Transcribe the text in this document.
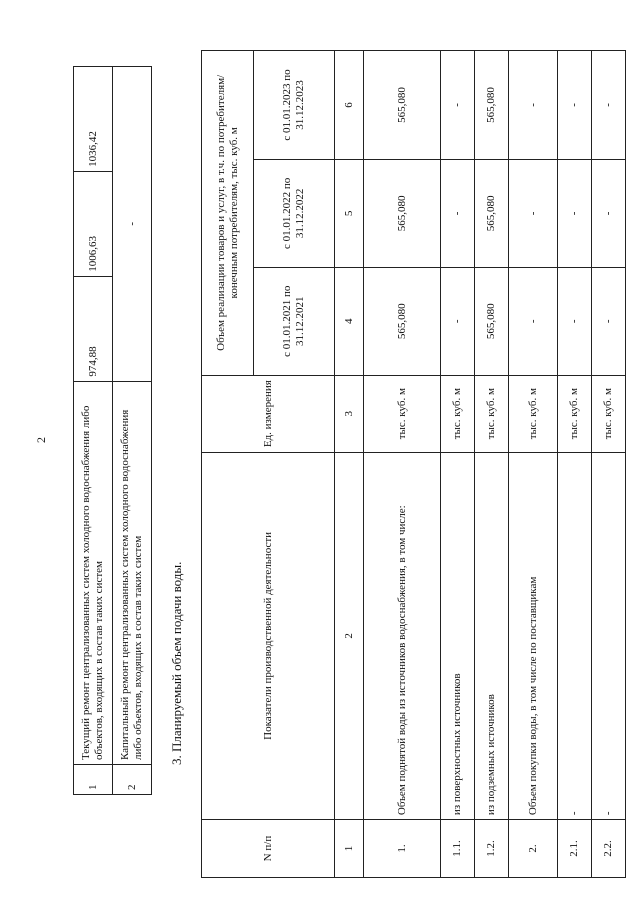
2
1	Текущий ремонт централизованных систем холодного водоснабжения либо объектов, входящих в состав таких систем	974,88	1006,63	1036,42
2	Капитальный ремонт централизованных систем холодного водоснабжения либо объектов, входящих в состав таких систем	-		
3. Планируемый объем подачи воды.
N п/п	Показатели производственной деятельности	Ед. измерения	Объем реализации товаров и услуг, в т.ч. по потребителям/ конечным потребителям, тыс. куб. м		
			с 01.01.2021 по 31.12.2021	с 01.01.2022 по 31.12.2022	с 01.01.2023 по 31.12.2023
1	2	3	4	5	6
1.	Объем поднятой воды из источников водоснабжения, в том числе:	тыс. куб. м	565,080	565,080	565,080
1.1.	из поверхностных источников	тыс. куб. м	-	-	-
1.2.	из подземных источников	тыс. куб. м	565,080	565,080	565,080
2.	Объем покупки воды, в том числе по поставщикам	тыс. куб. м	-	-	-
2.1.	-	тыс. куб. м	-	-	-
2.2.	-	тыс. куб. м	-	-	-
